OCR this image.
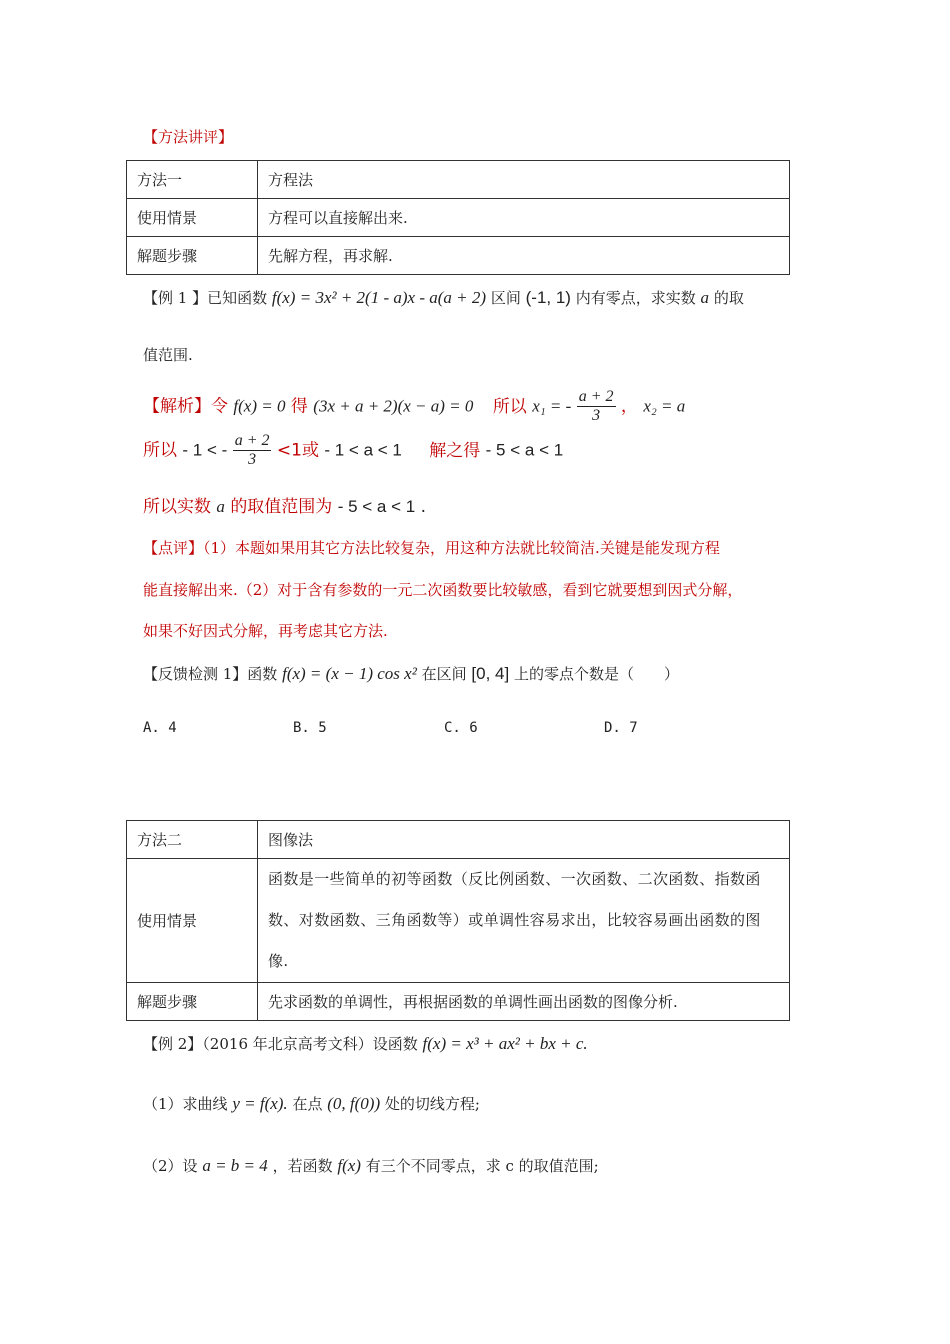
【方法讲评】
方法一	方程法
使用情景	方程可以直接解出来.
解题步骤	先解方程，再求解.
【例 1 】已知函数 f(x) = 3x² + 2(1 - a)x - a(a + 2) 区间 (-1, 1) 内有零点，求实数 a 的取
值范围.
【解析】令 f(x) = 0 得 (3x + a + 2)(x − a) = 0 所以 x₁ = - $\frac{a + 2}{3}$ ， x₂ = a
所以 - 1 < - $\frac{a + 2}{3} <1$或 - 1 < a < 1 解之得 - 5 < a < 1
所以实数 a 的取值范围为 - 5 < a < 1 .
【点评】（1）本题如果用其它方法比较复杂，用这种方法就比较简洁.关键是能发现方程
能直接解出来.（2）对于含有参数的一元二次函数要比较敏感，看到它就要想到因式分解，
如果不好因式分解，再考虑其它方法.
【反馈检测 1】函数 f(x) = (x − 1) cos x² 在区间 [0, 4] 上的零点个数是（　　）
A. 4	B. 5	C. 6	D. 7
方法二	图像法
使用情景	函数是一些简单的初等函数（反比例函数、一次函数、二次函数、指数函数、对数函数、三角函数等）或单调性容易求出，比较容易画出函数的图像.
解题步骤	先求函数的单调性，再根据函数的单调性画出函数的图像分析.
【例 2】（2016 年北京高考文科）设函数 f(x) = x³ + ax² + bx + c.
（1）求曲线 y = f(x). 在点 (0, f(0)) 处的切线方程;
（2）设 a = b = 4 ，若函数 f(x) 有三个不同零点，求 c 的取值范围;
